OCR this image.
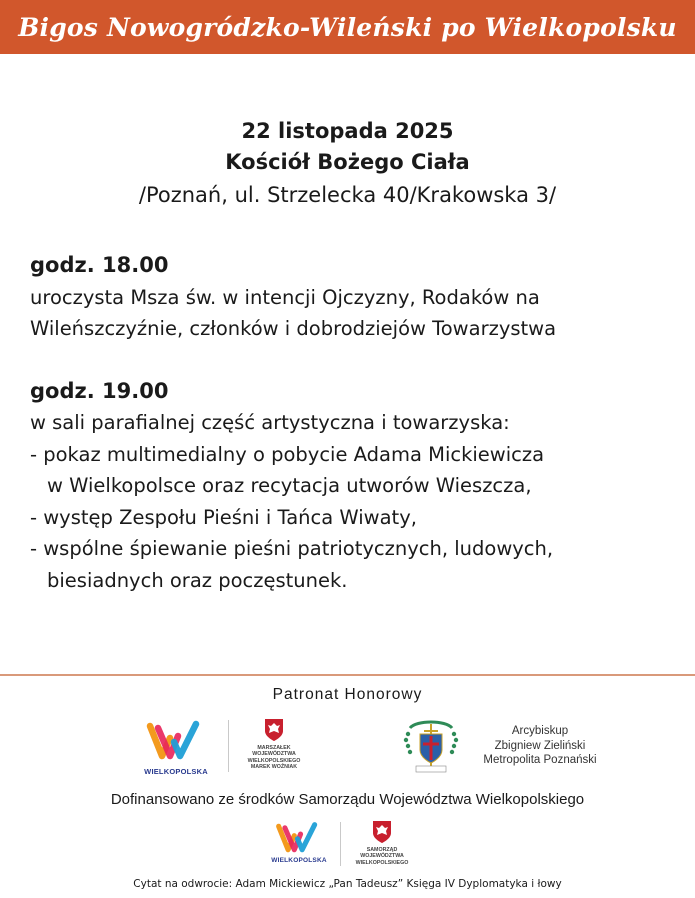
Bigos Nowogródzko-Wileński po Wielkopolsku
22 listopada 2025
Kościół Bożego Ciała
/Poznań, ul. Strzelecka 40/Krakowska 3/
godz. 18.00
uroczysta Msza św. w intencji Ojczyzny, Rodaków na
Wileńszczyźnie, członków i dobrodziejów Towarzystwa
godz. 19.00
w sali parafialnej część artystyczna i towarzyska:
- pokaz multimedialny o pobycie Adama Mickiewicza
w Wielkopolsce oraz recytacja utworów Wieszcza,
- występ Zespołu Pieśni i Tańca Wiwaty,
- wspólne śpiewanie pieśni patriotycznych, ludowych,
biesiadnych oraz poczęstunek.
Patronat Honorowy
WIELKOPOLSKA
MARSZAŁEK
WOJEWÓDZTWA
WIELKOPOLSKIEGO
MAREK WOŹNIAK
Arcybiskup
Zbigniew Zieliński
Metropolita Poznański
Dofinansowano ze środków Samorządu Województwa Wielkopolskiego
WIELKOPOLSKA
SAMORZĄD
WOJEWÓDZTWA
WIELKOPOLSKIEGO
Cytat na odwrocie: Adam Mickiewicz „Pan Tadeusz” Księga IV Dyplomatyka i łowy
